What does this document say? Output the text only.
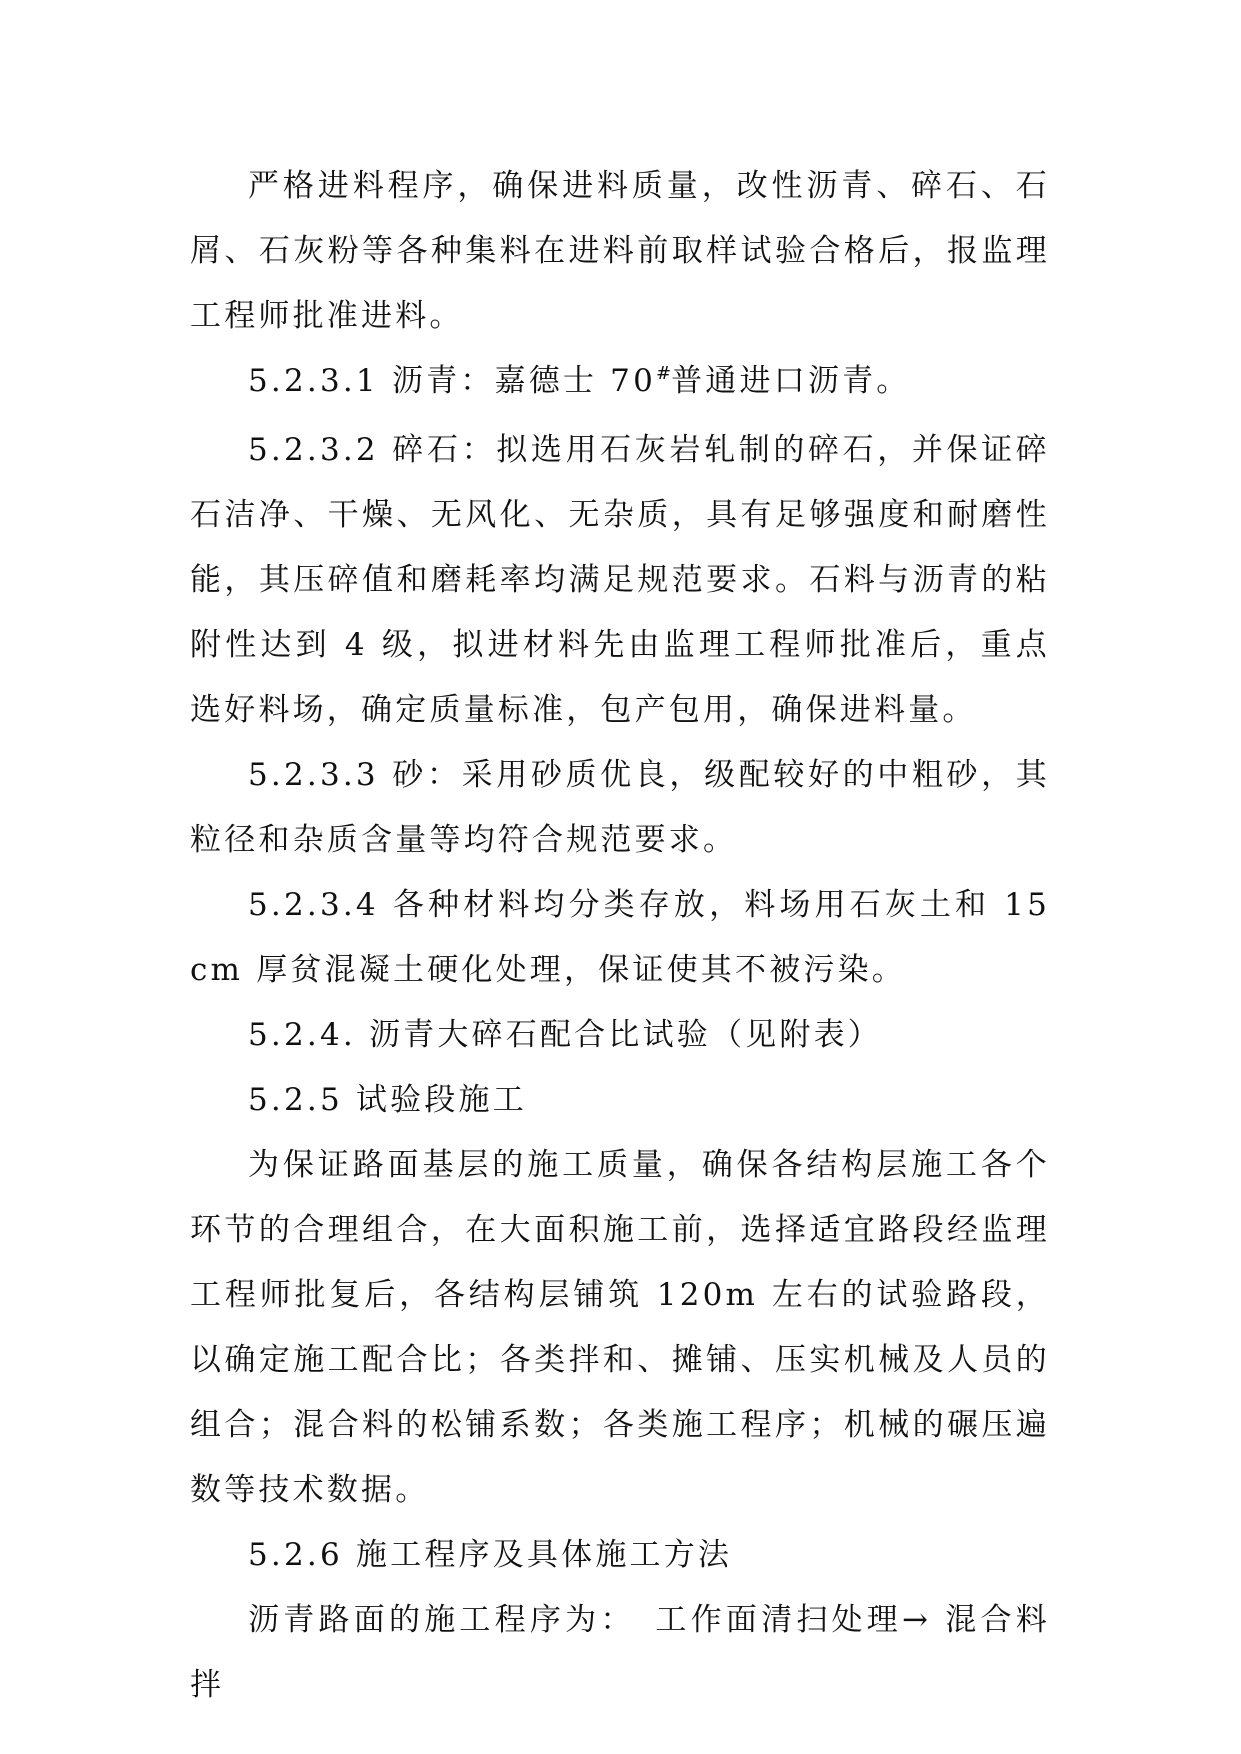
严格进料程序，确保进料质量，改性沥青、碎石、石屑、石灰粉等各种集料在进料前取样试验合格后，报监理工程师批准进料。

5.2.3.1 沥青：嘉德士 70#普通进口沥青。

5.2.3.2 碎石：拟选用石灰岩轧制的碎石，并保证碎石洁净、干燥、无风化、无杂质，具有足够强度和耐磨性能，其压碎值和磨耗率均满足规范要求。石料与沥青的粘附性达到 4 级，拟进材料先由监理工程师批准后，重点选好料场，确定质量标准，包产包用，确保进料量。

5.2.3.3 砂：采用砂质优良，级配较好的中粗砂，其粒径和杂质含量等均符合规范要求。

5.2.3.4 各种材料均分类存放，料场用石灰土和 15cm 厚贫混凝土硬化处理，保证使其不被污染。

5.2.4. 沥青大碎石配合比试验（见附表）

5.2.5 试验段施工

为保证路面基层的施工质量，确保各结构层施工各个环节的合理组合，在大面积施工前，选择适宜路段经监理工程师批复后，各结构层铺筑 120m 左右的试验路段，以确定施工配合比；各类拌和、摊铺、压实机械及人员的组合；混合料的松铺系数；各类施工程序；机械的碾压遍数等技术数据。

5.2.6 施工程序及具体施工方法

沥青路面的施工程序为：　工作面清扫处理→ 混合料拌
